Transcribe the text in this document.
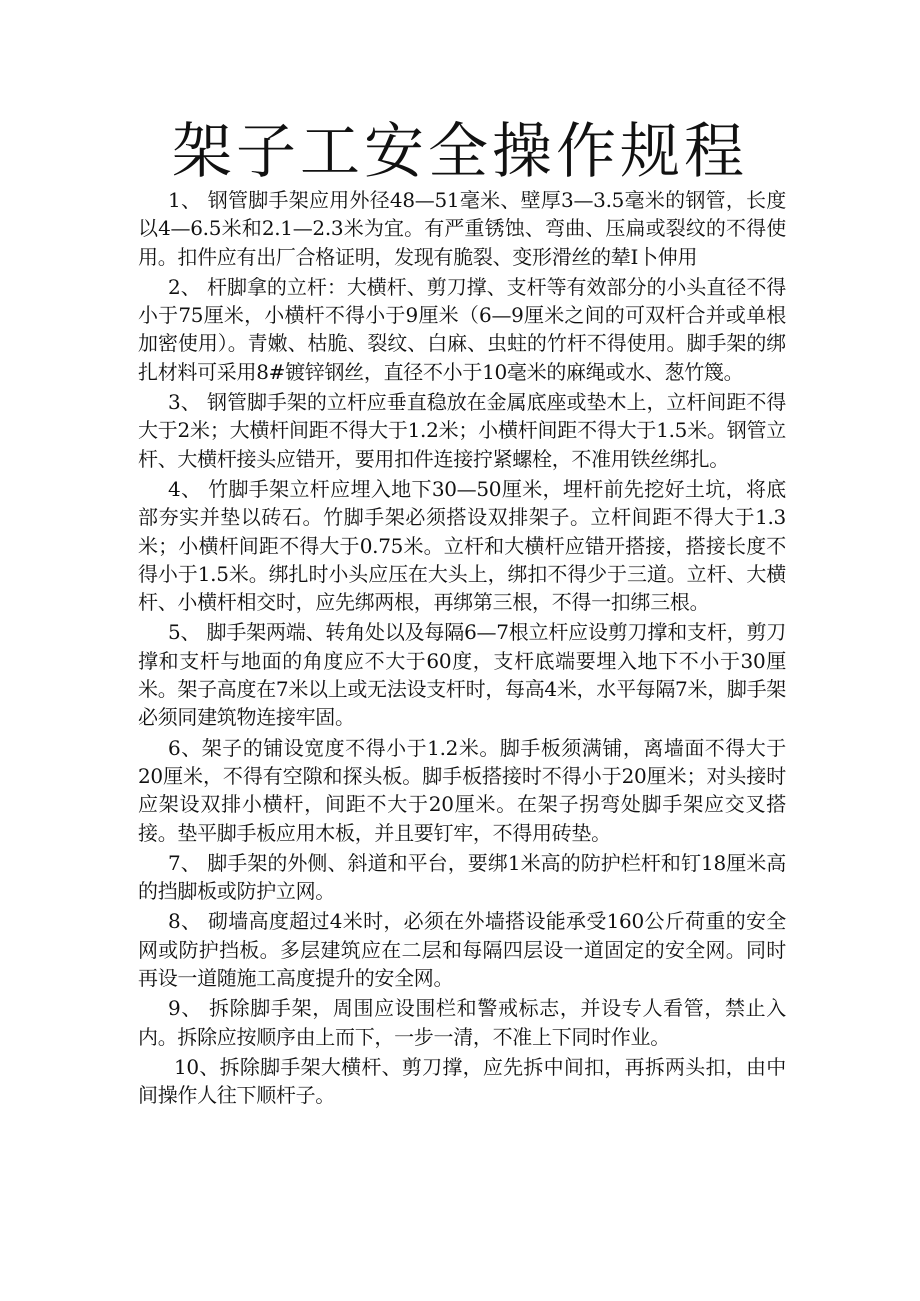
架子工安全操作规程

1、 钢管脚手架应用外径48—51毫米、壁厚3—3.5毫米的钢管，长度以4—6.5米和2.1—2.3米为宜。有严重锈蚀、弯曲、压扁或裂纹的不得使用。扣件应有出厂合格证明，发现有脆裂、变形滑丝的辇I卜伸用

2、 杆脚拿的立杆：大横杆、剪刀撑、支杆等有效部分的小头直径不得小于75厘米，小横杆不得小于9厘米（6—9厘米之间的可双杆合并或单根加密使用）。青嫩、枯脆、裂纹、白麻、虫蛀的竹杆不得使用。脚手架的绑扎材料可采用8#镀锌钢丝，直径不小于10毫米的麻绳或水、葱竹篾。

3、 钢管脚手架的立杆应垂直稳放在金属底座或垫木上，立杆间距不得大于2米；大横杆间距不得大于1.2米；小横杆间距不得大于1.5米。钢管立杆、大横杆接头应错开，要用扣件连接拧紧螺栓，不准用铁丝绑扎。

4、 竹脚手架立杆应埋入地下30—50厘米，埋杆前先挖好土坑，将底部夯实并垫以砖石。竹脚手架必须搭设双排架子。立杆间距不得大于1.3米；小横杆间距不得大于0.75米。立杆和大横杆应错开搭接，搭接长度不得小于1.5米。绑扎时小头应压在大头上，绑扣不得少于三道。立杆、大横杆、小横杆相交时，应先绑两根，再绑第三根，不得一扣绑三根。

5、 脚手架两端、转角处以及每隔6—7根立杆应设剪刀撑和支杆，剪刀撑和支杆与地面的角度应不大于60度，支杆底端要埋入地下不小于30厘米。架子高度在7米以上或无法设支杆时，每高4米，水平每隔7米，脚手架必须同建筑物连接牢固。

6、架子的铺设宽度不得小于1.2米。脚手板须满铺，离墙面不得大于20厘米，不得有空隙和探头板。脚手板搭接时不得小于20厘米；对头接时应架设双排小横杆，间距不大于20厘米。在架子拐弯处脚手架应交叉搭接。垫平脚手板应用木板，并且要钉牢，不得用砖垫。

7、 脚手架的外侧、斜道和平台，要绑1米高的防护栏杆和钉18厘米高的挡脚板或防护立网。

8、 砌墙高度超过4米时，必须在外墙搭设能承受160公斤荷重的安全网或防护挡板。多层建筑应在二层和每隔四层设一道固定的安全网。同时再设一道随施工高度提升的安全网。

9、 拆除脚手架，周围应设围栏和警戒标志，并设专人看管，禁止入内。拆除应按顺序由上而下，一步一清，不准上下同时作业。

10、拆除脚手架大横杆、剪刀撑，应先拆中间扣，再拆两头扣，由中间操作人往下顺杆子。
